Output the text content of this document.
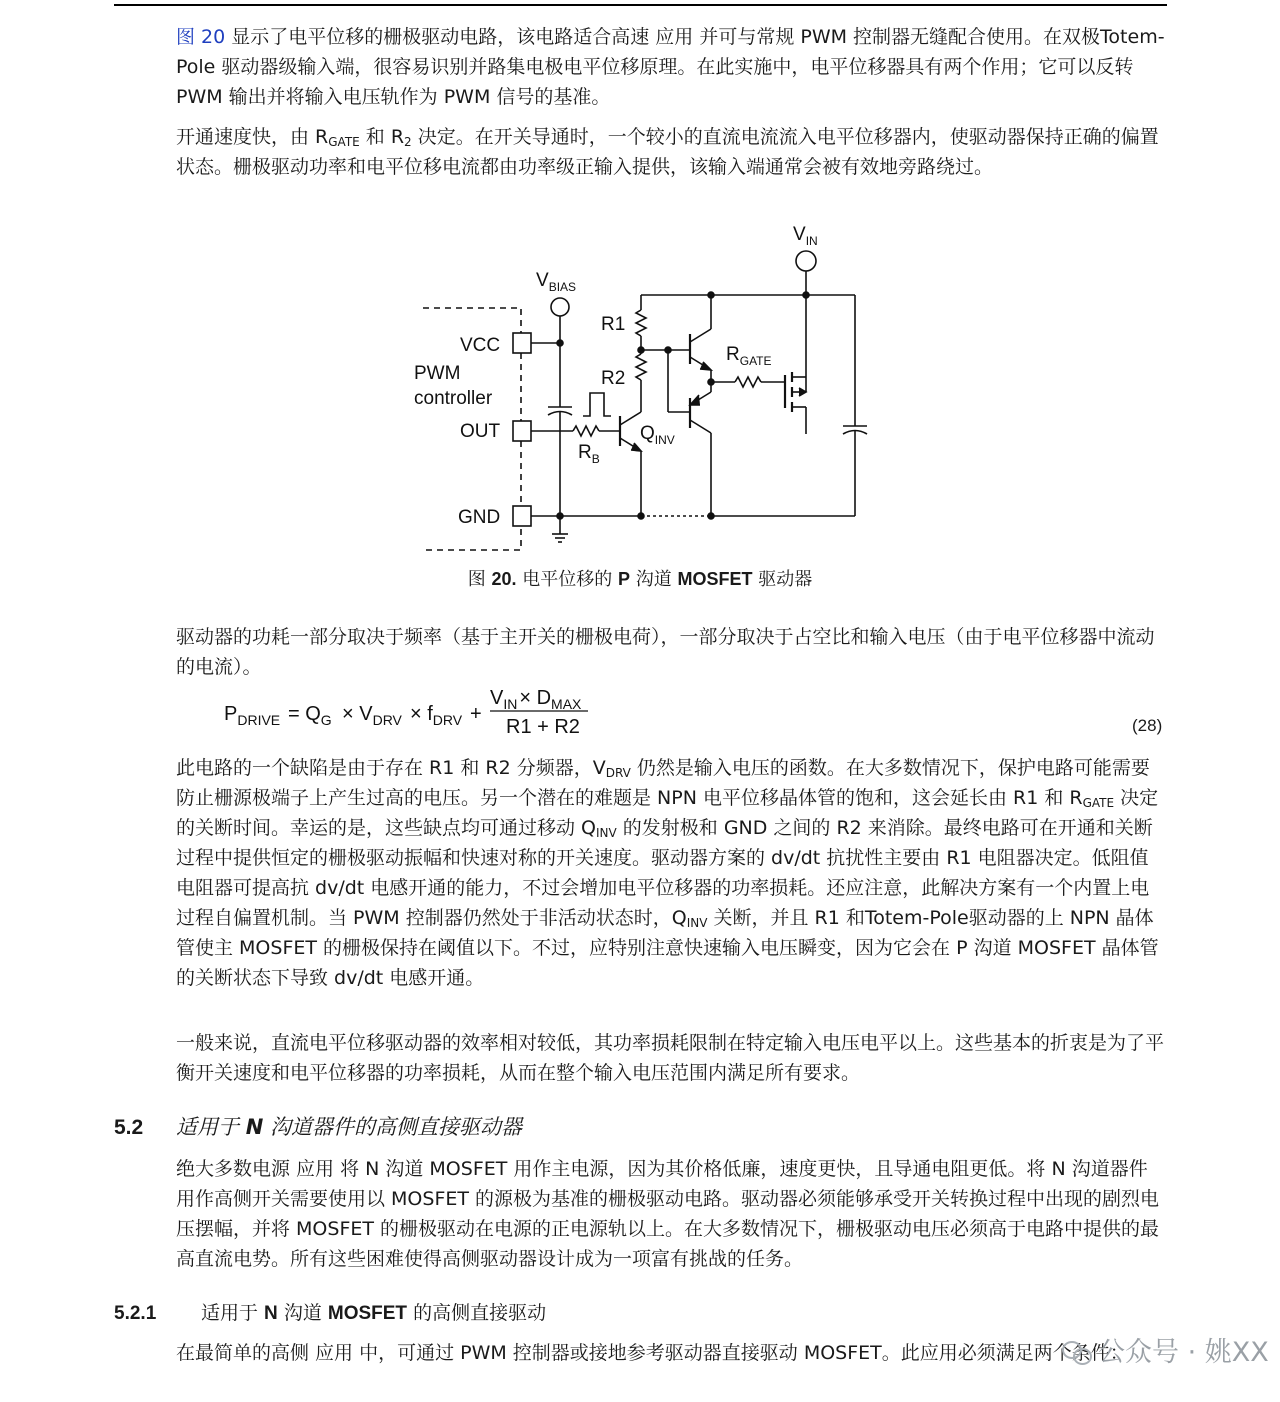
图 20 显示了电平位移的栅极驱动电路，该电路适合高速 应用 并可与常规 PWM 控制器无缝配合使用。在双极Totem-Pole 驱动器级输入端，很容易识别并路集电极电平位移原理。在此实施中，电平位移器具有两个作用；它可以反转 PWM 输出并将输入电压轨作为 PWM 信号的基准。

开通速度快，由 $R_{GATE}$ 和 $R_2$ 决定。在开关导通时，一个较小的直流电流流入电平位移器内，使驱动器保持正确的偏置状态。栅极驱动功率和电平位移电流都由功率级正输入提供，该输入端通常会被有效地旁路绕过。

$V_{IN}$
$V_{BIAS}$
VCC
PWM
controller
OUT
GND
R1
R2
$R_{GATE}$
$R_B$
$Q_{INV}$
图 20. 电平位移的 P 沟道 MOSFET 驱动器

驱动器的功耗一部分取决于频率（基于主开关的栅极电荷），一部分取决于占空比和输入电压（由于电平位移器中流动的电流）。

$P_{DRIVE} = Q_G \times V_{DRV} \times f_{DRV}$ +
$V_{IN} \times D_{MAX}$
R1 + R2	(28)

此电路的一个缺陷是由于存在 R1 和 R2 分频器，$V_{DRV}$ 仍然是输入电压的函数。在大多数情况下，保护电路可能需要防止栅源极端子上产生过高的电压。另一个潜在的难题是 NPN 电平位移晶体管的饱和，这会延长由 R1 和 $R_{GATE}$ 决定的关断时间。幸运的是，这些缺点均可通过移动 $Q_{INV}$ 的发射极和 GND 之间的 R2 来消除。最终电路可在开通和关断过程中提供恒定的栅极驱动振幅和快速对称的开关速度。驱动器方案的 dv/dt 抗扰性主要由 R1 电阻器决定。低阻值电阻器可提高抗 dv/dt 电感开通的能力，不过会增加电平位移器的功率损耗。还应注意，此解决方案有一个内置上电过程自偏置机制。当 PWM 控制器仍然处于非活动状态时，$Q_{INV}$ 关断，并且 R1 和Totem-Pole驱动器的上 NPN 晶体管使主 MOSFET 的栅极保持在阈值以下。不过，应特别注意快速输入电压瞬变，因为它会在 P 沟道 MOSFET 晶体管的关断状态下导致 dv/dt 电感开通。

一般来说，直流电平位移驱动器的效率相对较低，其功率损耗限制在特定输入电压电平以上。这些基本的折衷是为了平衡开关速度和电平位移器的功率损耗，从而在整个输入电压范围内满足所有要求。

5.2 适用于 N 沟道器件的高侧直接驱动器

绝大多数电源 应用 将 N 沟道 MOSFET 用作主电源，因为其价格低廉，速度更快，且导通电阻更低。将 N 沟道器件用作高侧开关需要使用以 MOSFET 的源极为基准的栅极驱动电路。驱动器必须能够承受开关转换过程中出现的剧烈电压摆幅，并将 MOSFET 的栅极驱动在电源的正电源轨以上。在大多数情况下，栅极驱动电压必须高于电路中提供的最高直流电势。所有这些困难使得高侧驱动器设计成为一项富有挑战的任务。

5.2.1 适用于 N 沟道 MOSFET 的高侧直接驱动

在最简单的高侧 应用 中，可通过 PWM 控制器或接地参考驱动器直接驱动 MOSFET。此应用必须满足两个条件：

公众号 · 姚XX
